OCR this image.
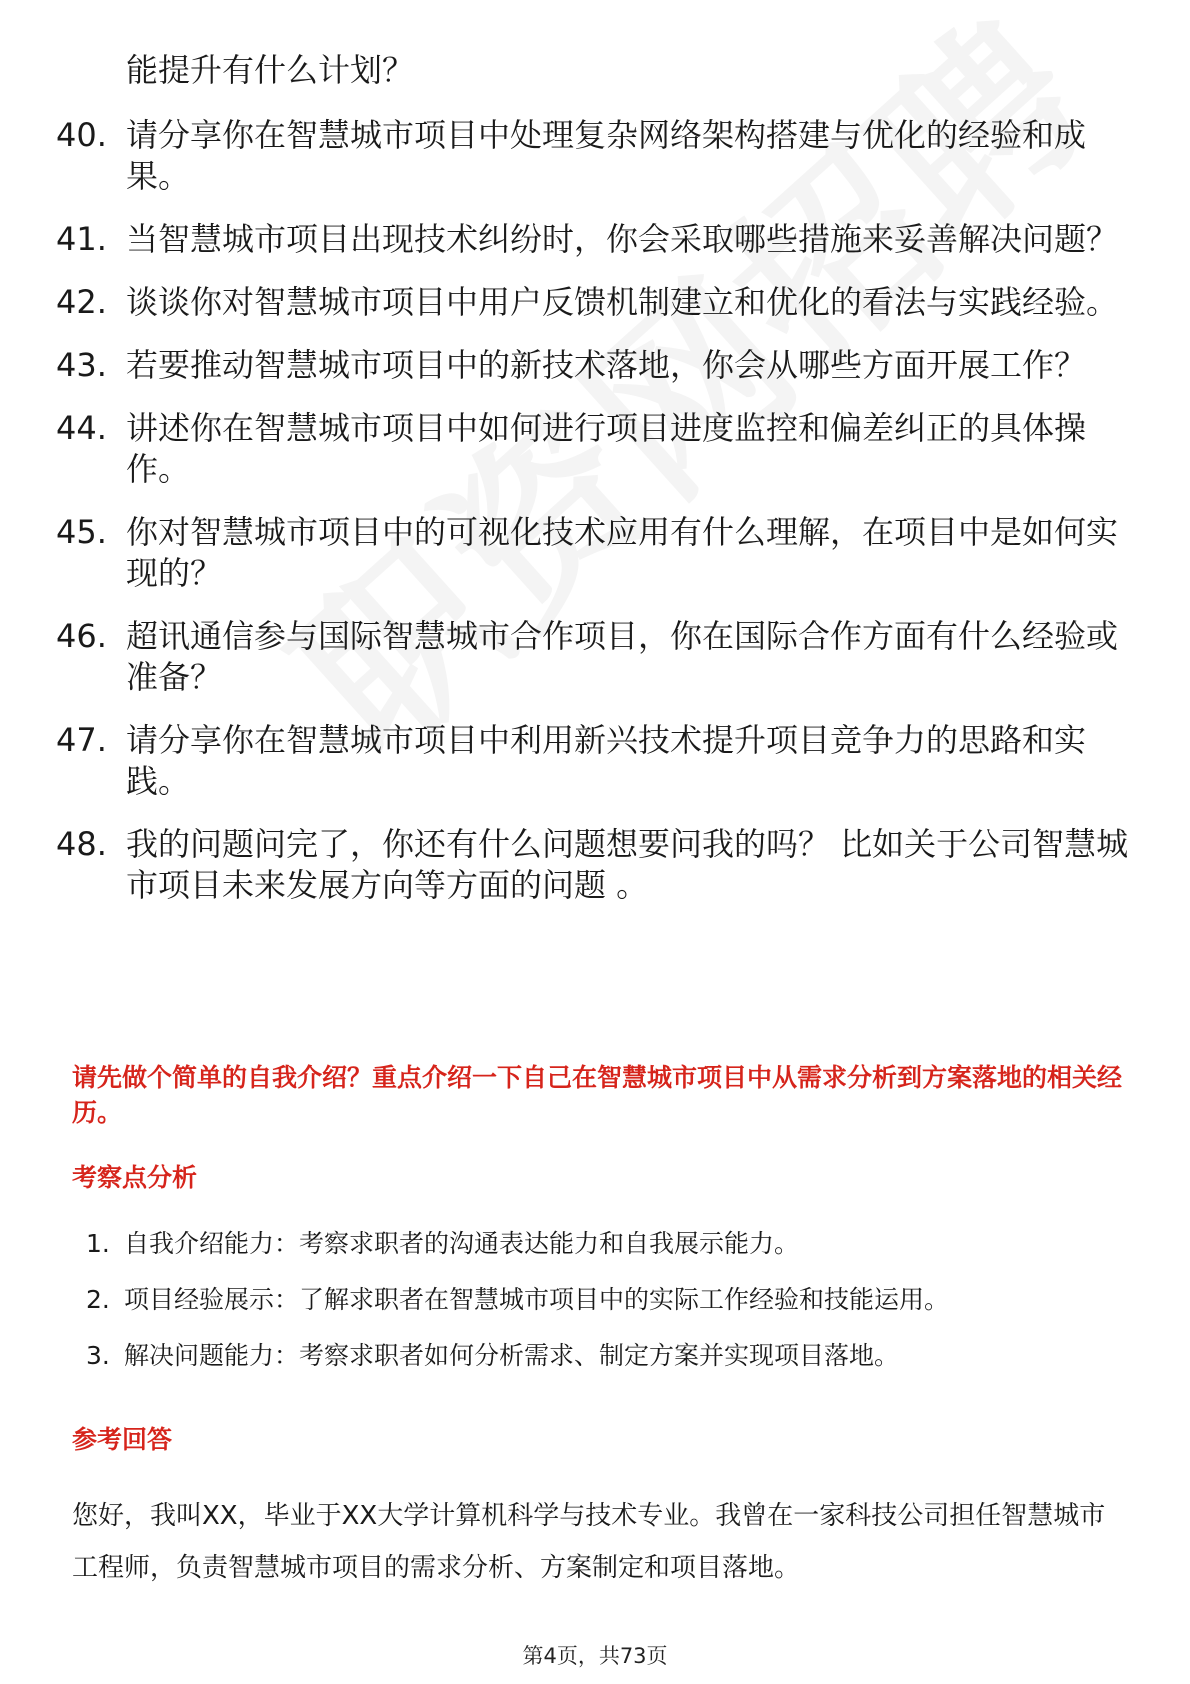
能提升有什么计划？
40. 请分享你在智慧城市项目中处理复杂网络架构搭建与优化的经验和成果。
41. 当智慧城市项目出现技术纠纷时，你会采取哪些措施来妥善解决问题？
42. 谈谈你对智慧城市项目中用户反馈机制建立和优化的看法与实践经验。
43. 若要推动智慧城市项目中的新技术落地，你会从哪些方面开展工作？
44. 讲述你在智慧城市项目中如何进行项目进度监控和偏差纠正的具体操作。
45. 你对智慧城市项目中的可视化技术应用有什么理解，在项目中是如何实现的？
46. 超讯通信参与国际智慧城市合作项目，你在国际合作方面有什么经验或准备？
47. 请分享你在智慧城市项目中利用新兴技术提升项目竞争力的思路和实践。
48. 我的问题问完了，你还有什么问题想要问我的吗？ 比如关于公司智慧城市项目未来发展方向等方面的问题 。
请先做个简单的自我介绍？重点介绍一下自己在智慧城市项目中从需求分析到方案落地的相关经历。
考察点分析
1. 自我介绍能力：考察求职者的沟通表达能力和自我展示能力。
2. 项目经验展示：了解求职者在智慧城市项目中的实际工作经验和技能运用。
3. 解决问题能力：考察求职者如何分析需求、制定方案并实现项目落地。
参考回答
您好，我叫XX，毕业于XX大学计算机科学与技术专业。我曾在一家科技公司担任智慧城市工程师，负责智慧城市项目的需求分析、方案制定和项目落地。
第4页，共73页
